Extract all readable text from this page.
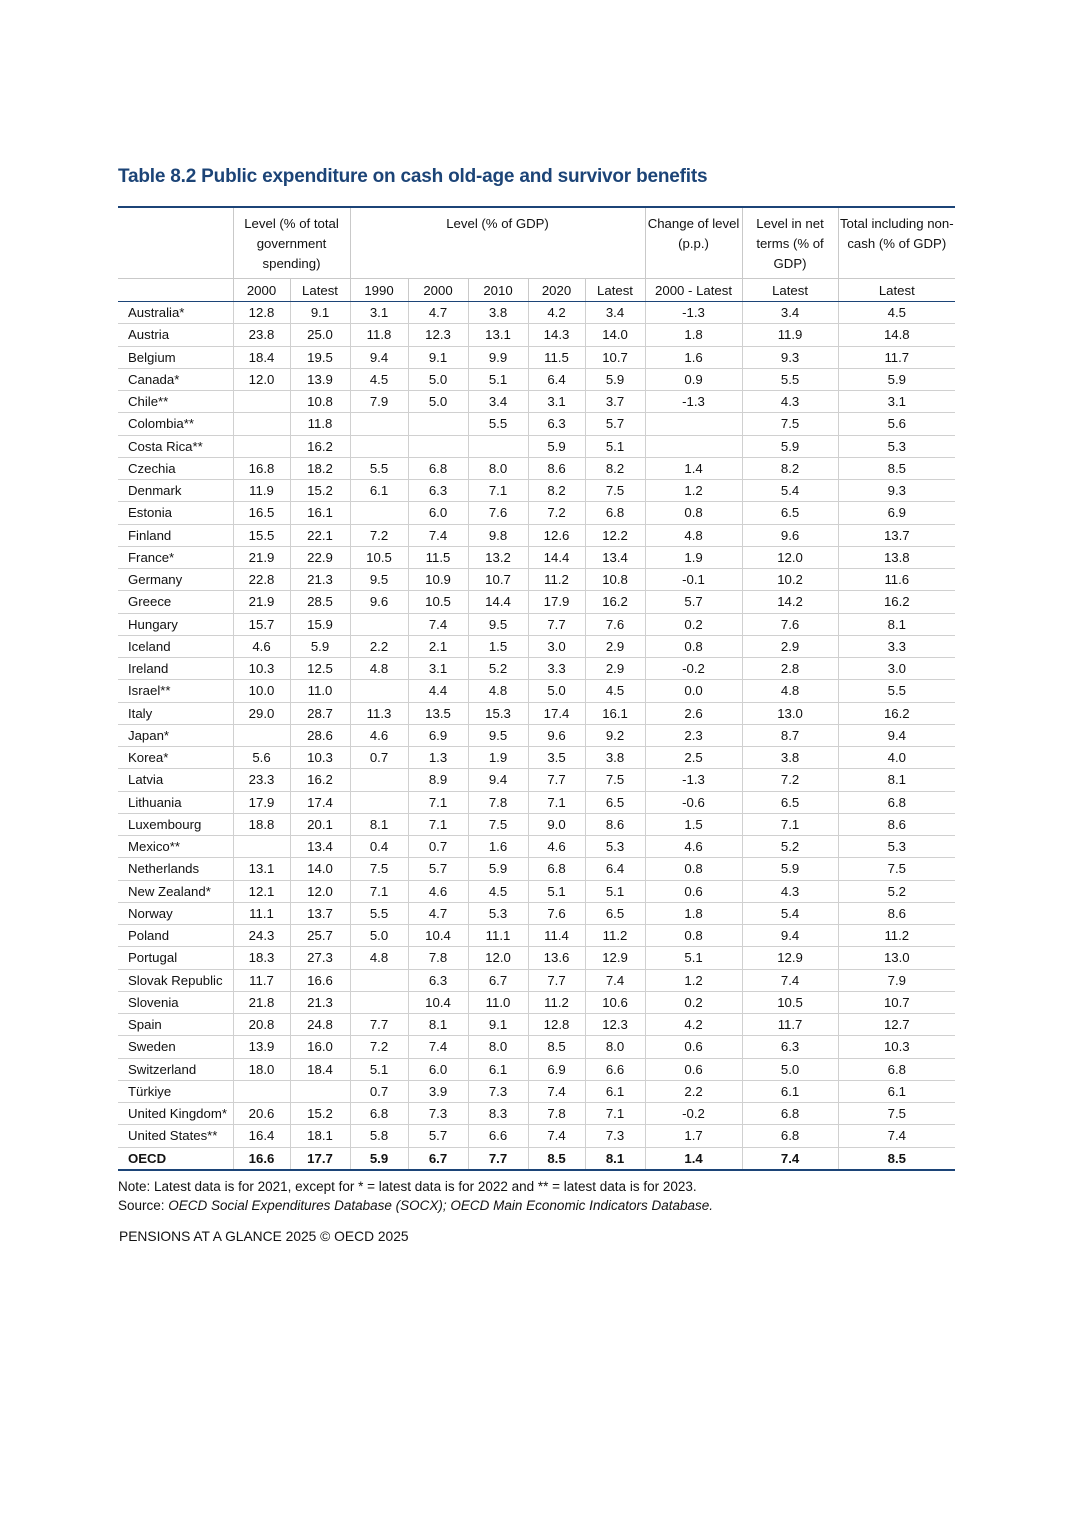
Table 8.2 Public expenditure on cash old-age and survivor benefits
	Level (% of total government spending)		Level (% of GDP)					Change of level (p.p.)	Level in net terms (% of GDP)	Total including non-cash (% of GDP)
	2000	Latest	1990	2000	2010	2020	Latest	2000 - Latest	Latest	Latest
Australia*	12.8	9.1	3.1	4.7	3.8	4.2	3.4	-1.3	3.4	4.5
Austria	23.8	25.0	11.8	12.3	13.1	14.3	14.0	1.8	11.9	14.8
Belgium	18.4	19.5	9.4	9.1	9.9	11.5	10.7	1.6	9.3	11.7
Canada*	12.0	13.9	4.5	5.0	5.1	6.4	5.9	0.9	5.5	5.9
Chile**		10.8	7.9	5.0	3.4	3.1	3.7	-1.3	4.3	3.1
Colombia**		11.8			5.5	6.3	5.7		7.5	5.6
Costa Rica**		16.2				5.9	5.1		5.9	5.3
Czechia	16.8	18.2	5.5	6.8	8.0	8.6	8.2	1.4	8.2	8.5
Denmark	11.9	15.2	6.1	6.3	7.1	8.2	7.5	1.2	5.4	9.3
Estonia	16.5	16.1		6.0	7.6	7.2	6.8	0.8	6.5	6.9
Finland	15.5	22.1	7.2	7.4	9.8	12.6	12.2	4.8	9.6	13.7
France*	21.9	22.9	10.5	11.5	13.2	14.4	13.4	1.9	12.0	13.8
Germany	22.8	21.3	9.5	10.9	10.7	11.2	10.8	-0.1	10.2	11.6
Greece	21.9	28.5	9.6	10.5	14.4	17.9	16.2	5.7	14.2	16.2
Hungary	15.7	15.9		7.4	9.5	7.7	7.6	0.2	7.6	8.1
Iceland	4.6	5.9	2.2	2.1	1.5	3.0	2.9	0.8	2.9	3.3
Ireland	10.3	12.5	4.8	3.1	5.2	3.3	2.9	-0.2	2.8	3.0
Israel**	10.0	11.0		4.4	4.8	5.0	4.5	0.0	4.8	5.5
Italy	29.0	28.7	11.3	13.5	15.3	17.4	16.1	2.6	13.0	16.2
Japan*		28.6	4.6	6.9	9.5	9.6	9.2	2.3	8.7	9.4
Korea*	5.6	10.3	0.7	1.3	1.9	3.5	3.8	2.5	3.8	4.0
Latvia	23.3	16.2		8.9	9.4	7.7	7.5	-1.3	7.2	8.1
Lithuania	17.9	17.4		7.1	7.8	7.1	6.5	-0.6	6.5	6.8
Luxembourg	18.8	20.1	8.1	7.1	7.5	9.0	8.6	1.5	7.1	8.6
Mexico**		13.4	0.4	0.7	1.6	4.6	5.3	4.6	5.2	5.3
Netherlands	13.1	14.0	7.5	5.7	5.9	6.8	6.4	0.8	5.9	7.5
New Zealand*	12.1	12.0	7.1	4.6	4.5	5.1	5.1	0.6	4.3	5.2
Norway	11.1	13.7	5.5	4.7	5.3	7.6	6.5	1.8	5.4	8.6
Poland	24.3	25.7	5.0	10.4	11.1	11.4	11.2	0.8	9.4	11.2
Portugal	18.3	27.3	4.8	7.8	12.0	13.6	12.9	5.1	12.9	13.0
Slovak Republic	11.7	16.6		6.3	6.7	7.7	7.4	1.2	7.4	7.9
Slovenia	21.8	21.3		10.4	11.0	11.2	10.6	0.2	10.5	10.7
Spain	20.8	24.8	7.7	8.1	9.1	12.8	12.3	4.2	11.7	12.7
Sweden	13.9	16.0	7.2	7.4	8.0	8.5	8.0	0.6	6.3	10.3
Switzerland	18.0	18.4	5.1	6.0	6.1	6.9	6.6	0.6	5.0	6.8
Türkiye			0.7	3.9	7.3	7.4	6.1	2.2	6.1	6.1
United Kingdom*	20.6	15.2	6.8	7.3	8.3	7.8	7.1	-0.2	6.8	7.5
United States**	16.4	18.1	5.8	5.7	6.6	7.4	7.3	1.7	6.8	7.4
OECD	16.6	17.7	5.9	6.7	7.7	8.5	8.1	1.4	7.4	8.5
Note: Latest data is for 2021, except for * = latest data is for 2022 and ** = latest data is for 2023.
Source: OECD Social Expenditures Database (SOCX); OECD Main Economic Indicators Database.
PENSIONS AT A GLANCE 2025 © OECD 2025
